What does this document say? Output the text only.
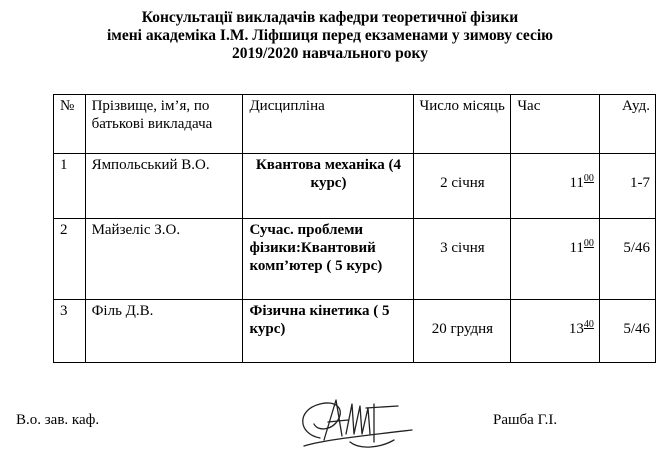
Консультації викладачів кафедри теоретичної фізики
імені академіка І.М. Ліфшиця перед екзаменами у зимову сесію
2019/2020 навчального року
№	Прізвище, ім’я, по батькові викладача	Дисципліна	Число місяць	Час	Ауд.
1	Ямпольський В.О.	Квантова механіка (4 курс)	2 січня	$11^{00}$	1-7
2	Майзеліс З.О.	Сучас. проблеми фізики:Квантовий комп’ютер ( 5 курс)	3 січня	$11^{00}$	5/46
3	Філь Д.В.	Фізична кінетика ( 5 курс)	20 грудня	$13^{40}$	5/46
В.о. зав. каф.	Рашба Г.І.
